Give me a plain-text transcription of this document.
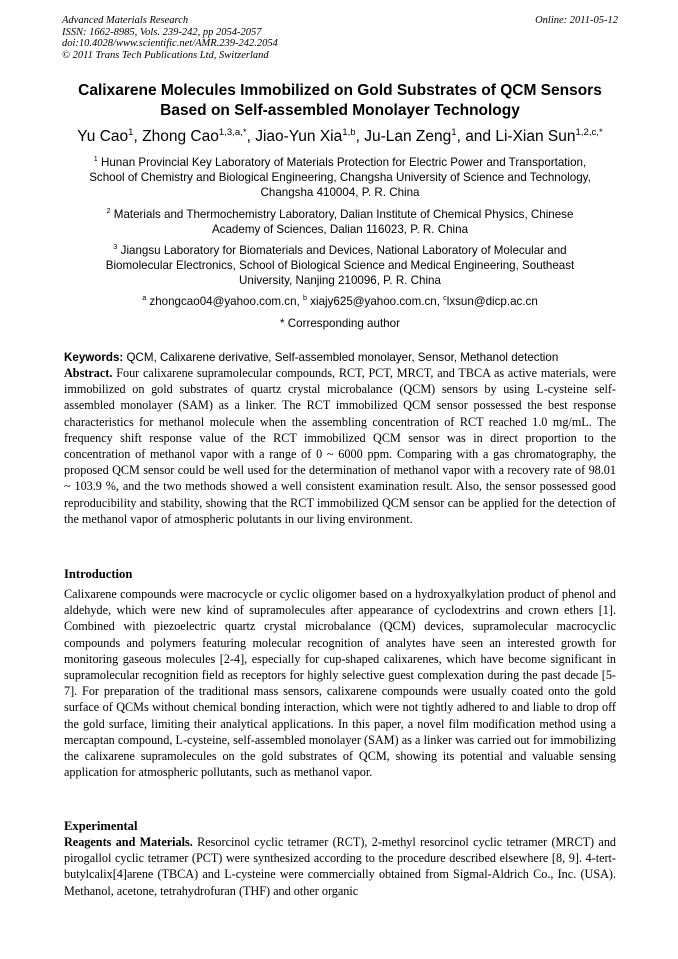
Advanced Materials Research
ISSN: 1662-8985, Vols. 239-242, pp 2054-2057
doi:10.4028/www.scientific.net/AMR.239-242.2054
© 2011 Trans Tech Publications Ltd, Switzerland
Online: 2011-05-12
Calixarene Molecules Immobilized on Gold Substrates of QCM Sensors
Based on Self-assembled Monolayer Technology
Yu Cao$^1$, Zhong Cao$^{1,3,a,*}$, Jiao-Yun Xia$^{1,b}$, Ju-Lan Zeng$^1$, and Li-Xian Sun$^{1,2,c,*}$
$^1$ Hunan Provincial Key Laboratory of Materials Protection for Electric Power and Transportation,
School of Chemistry and Biological Engineering, Changsha University of Science and Technology,
Changsha 410004, P. R. China
$^2$ Materials and Thermochemistry Laboratory, Dalian Institute of Chemical Physics, Chinese
Academy of Sciences, Dalian 116023, P. R. China
$^3$ Jiangsu Laboratory for Biomaterials and Devices, National Laboratory of Molecular and
Biomolecular Electronics, School of Biological Science and Medical Engineering, Southeast
University, Nanjing 210096, P. R. China
$^a$ zhongcao04@yahoo.com.cn, $^b$ xiajy625@yahoo.com.cn, $^c$lxsun@dicp.ac.cn
* Corresponding author
Keywords: QCM, Calixarene derivative, Self-assembled monolayer, Sensor, Methanol detection
Abstract. Four calixarene supramolecular compounds, RCT, PCT, MRCT, and TBCA as active materials, were immobilized on gold substrates of quartz crystal microbalance (QCM) sensors by using L-cysteine self-assembled monolayer (SAM) as a linker. The RCT immobilized QCM sensor possessed the best response characteristics for methanol molecule when the assembling concentration of RCT reached 1.0 mg/mL. The frequency shift response value of the RCT immobilized QCM sensor was in direct proportion to the concentration of methanol vapor with a range of 0 ~ 6000 ppm. Comparing with a gas chromatography, the proposed QCM sensor could be well used for the determination of methanol vapor with a recovery rate of 98.01 ~ 103.9 %, and the two methods showed a well consistent examination result. Also, the sensor possessed good reproducibility and stability, showing that the RCT immobilized QCM sensor can be applied for the detection of the methanol vapor of atmospheric polutants in our living environment.
Introduction
Calixarene compounds were macrocycle or cyclic oligomer based on a hydroxyalkylation product of phenol and aldehyde, which were new kind of supramolecules after appearance of cyclodextrins and crown ethers [1]. Combined with piezoelectric quartz crystal microbalance (QCM) devices, supramolecular macrocyclic compounds and polymers featuring molecular recognition of analytes have seen an interested growth for monitoring gaseous molecules [2-4], especially for cup-shaped calixarenes, which have become significant in supramolecular recognition field as receptors for highly selective guest complexation during the past decade [5-7]. For preparation of the traditional mass sensors, calixarene compounds were usually coated onto the gold surface of QCMs without chemical bonding interaction, which were not tightly adhered to and liable to drop off the gold surface, limiting their analytical applications. In this paper, a novel film modification method using a mercaptan compound, L-cysteine, self-assembled monolayer (SAM) as a linker was carried out for immobilizing the calixarene supramolecules on the gold substrates of QCM, showing its potential and valuable sensing application for atmospheric pollutants, such as methanol vapor.
Experimental
Reagents and Materials. Resorcinol cyclic tetramer (RCT), 2-methyl resorcinol cyclic tetramer (MRCT) and pirogallol cyclic tetramer (PCT) were synthesized according to the procedure described elsewhere [8, 9]. 4-tert-butylcalix[4]arene (TBCA) and L-cysteine were commercially obtained from Sigmal-Aldrich Co., Inc. (USA). Methanol, acetone, tetrahydrofuran (THF) and other organic
